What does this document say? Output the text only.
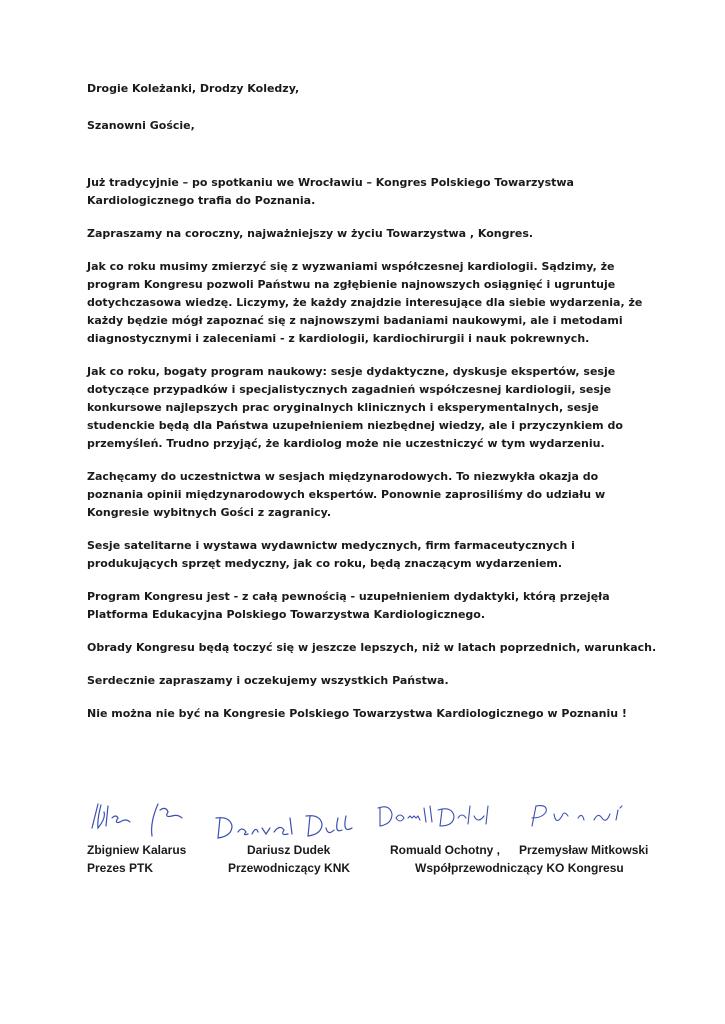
Drogie Koleżanki, Drodzy Koledzy,

Szanowni Goście,

Już tradycyjnie – po spotkaniu we Wrocławiu – Kongres Polskiego Towarzystwa Kardiologicznego trafia do Poznania.

Zapraszamy na coroczny, najważniejszy w życiu Towarzystwa , Kongres.

Jak co roku musimy zmierzyć się z wyzwaniami współczesnej kardiologii. Sądzimy, że program Kongresu pozwoli Państwu na zgłębienie najnowszych osiągnięć i ugruntuje dotychczasowa wiedzę. Liczymy, że każdy znajdzie interesujące dla siebie wydarzenia, że każdy będzie mógł zapoznać się z najnowszymi badaniami naukowymi, ale i metodami diagnostycznymi i zaleceniami - z kardiologii, kardiochirurgii i nauk pokrewnych.

Jak co roku, bogaty program naukowy: sesje dydaktyczne, dyskusje ekspertów, sesje dotyczące przypadków i specjalistycznych zagadnień współczesnej kardiologii, sesje konkursowe najlepszych prac oryginalnych klinicznych i eksperymentalnych, sesje studenckie będą dla Państwa uzupełnieniem niezbędnej wiedzy, ale i przyczynkiem do przemyśleń. Trudno przyjąć, że kardiolog może nie uczestniczyć w tym wydarzeniu.

Zachęcamy do uczestnictwa w sesjach międzynarodowych. To niezwykła okazja do poznania opinii międzynarodowych ekspertów. Ponownie zaprosiliśmy do udziału w Kongresie wybitnych Gości z zagranicy.

Sesje satelitarne i wystawa wydawnictw medycznych, firm farmaceutycznych i produkujących sprzęt medyczny, jak co roku, będą znaczącym wydarzeniem.

Program Kongresu jest - z całą pewnością - uzupełnieniem dydaktyki, którą przejęła Platforma Edukacyjna Polskiego Towarzystwa Kardiologicznego.

Obrady Kongresu będą toczyć się w jeszcze lepszych, niż w latach poprzednich, warunkach.

Serdecznie zapraszamy i oczekujemy wszystkich Państwa.

Nie można nie być na Kongresie Polskiego Towarzystwa Kardiologicznego w Poznaniu !

Zbigniew Kalarus
Prezes PTK
Dariusz Dudek
Przewodniczący KNK
Romuald Ochotny ,
Współprzewodniczący KO Kongresu
Przemysław Mitkowski
